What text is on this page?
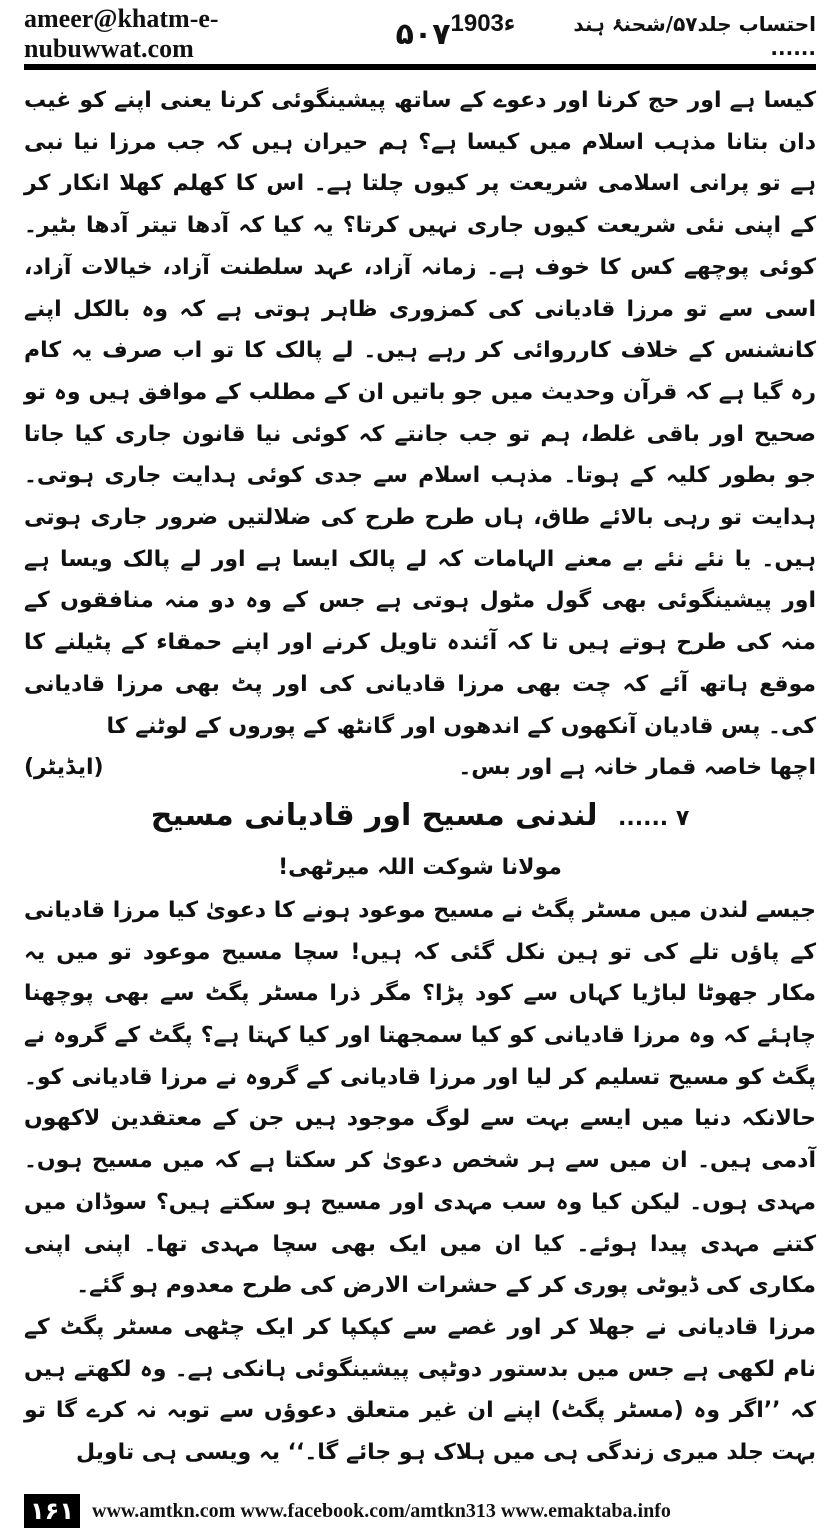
ameer@khatm-e-nubuwwat.com	۵۰۷	احتساب جلد۵۷/شحنۂ ہند ......
1903ء

کیسا ہے اور حج کرنا اور دعوے کے ساتھ پیشینگوئی کرنا یعنی اپنے کو غیب دان بتانا مذہب اسلام میں کیسا ہے؟ ہم حیران ہیں کہ جب مرزا نیا نبی ہے تو پرانی اسلامی شریعت پر کیوں چلتا ہے۔ اس کا کھلم کھلا انکار کر کے اپنی نئی شریعت کیوں جاری نہیں کرتا؟ یہ کیا کہ آدھا تیتر آدھا بٹیر۔ کوئی پوچھے کس کا خوف ہے۔ زمانہ آزاد، عہد سلطنت آزاد، خیالات آزاد، اسی سے تو مرزا قادیانی کی کمزوری ظاہر ہوتی ہے کہ وہ بالکل اپنے کانشنس کے خلاف کارروائی کر رہے ہیں۔ لے پالک کا تو اب صرف یہ کام رہ گیا ہے کہ قرآن وحدیث میں جو باتیں ان کے مطلب کے موافق ہیں وہ تو صحیح اور باقی غلط، ہم تو جب جانتے کہ کوئی نیا قانون جاری کیا جاتا جو بطور کلیہ کے ہوتا۔ مذہب اسلام سے جدی کوئی ہدایت جاری ہوتی۔ ہدایت تو رہی بالائے طاق، ہاں طرح طرح کی ضلالتیں ضرور جاری ہوتی ہیں۔ یا نئے نئے بے معنے الہامات کہ لے پالک ایسا ہے اور لے پالک ویسا ہے اور پیشینگوئی بھی گول مٹول ہوتی ہے جس کے وہ دو منہ منافقوں کے منہ کی طرح ہوتے ہیں تا کہ آئندہ تاویل کرنے اور اپنے حمقاء کے پٹیلنے کا موقع ہاتھ آئے کہ چت بھی مرزا قادیانی کی اور پٹ بھی مرزا قادیانی کی۔ پس قادیان آنکھوں کے اندھوں اور گانٹھ کے پوروں کے لوٹنے کا

اچھا خاصہ قمار خانہ ہے اور بس۔
(ایڈیٹر)

۷ ...... لندنی مسیح اور قادیانی مسیح

مولانا شوکت اللہ میرٹھی!

جیسے لندن میں مسٹر پگٹ نے مسیح موعود ہونے کا دعویٰ کیا مرزا قادیانی کے پاؤں تلے کی تو ہین نکل گئی کہ ہیں! سچا مسیح موعود تو میں یہ مکار جھوٹا لباڑیا کہاں سے کود پڑا؟ مگر ذرا مسٹر پگٹ سے بھی پوچھنا چاہئے کہ وہ مرزا قادیانی کو کیا سمجھتا اور کیا کہتا ہے؟ پگٹ کے گروہ نے پگٹ کو مسیح تسلیم کر لیا اور مرزا قادیانی کے گروہ نے مرزا قادیانی کو۔ حالانکہ دنیا میں ایسے بہت سے لوگ موجود ہیں جن کے معتقدین لاکھوں آدمی ہیں۔ ان میں سے ہر شخص دعویٰ کر سکتا ہے کہ میں مسیح ہوں۔ مہدی ہوں۔ لیکن کیا وہ سب مہدی اور مسیح ہو سکتے ہیں؟ سوڈان میں کتنے مہدی پیدا ہوئے۔ کیا ان میں ایک بھی سچا مہدی تھا۔ اپنی اپنی مکاری کی ڈیوٹی پوری کر کے حشرات الارض کی طرح معدوم ہو گئے۔

مرزا قادیانی نے جھلا کر اور غصے سے کپکپا کر ایک چٹھی مسٹر پگٹ کے نام لکھی ہے جس میں بدستور دوٹپی پیشینگوئی ہانکی ہے۔ وہ لکھتے ہیں کہ ’’اگر وہ (مسٹر پگٹ) اپنے ان غیر متعلق دعوؤں سے توبہ نہ کرے گا تو بہت جلد میری زندگی ہی میں ہلاک ہو جائے گا۔‘‘ یہ ویسی ہی تاویل

۱۶۱ www.amtkn.com www.facebook.com/amtkn313 www.emaktaba.info
